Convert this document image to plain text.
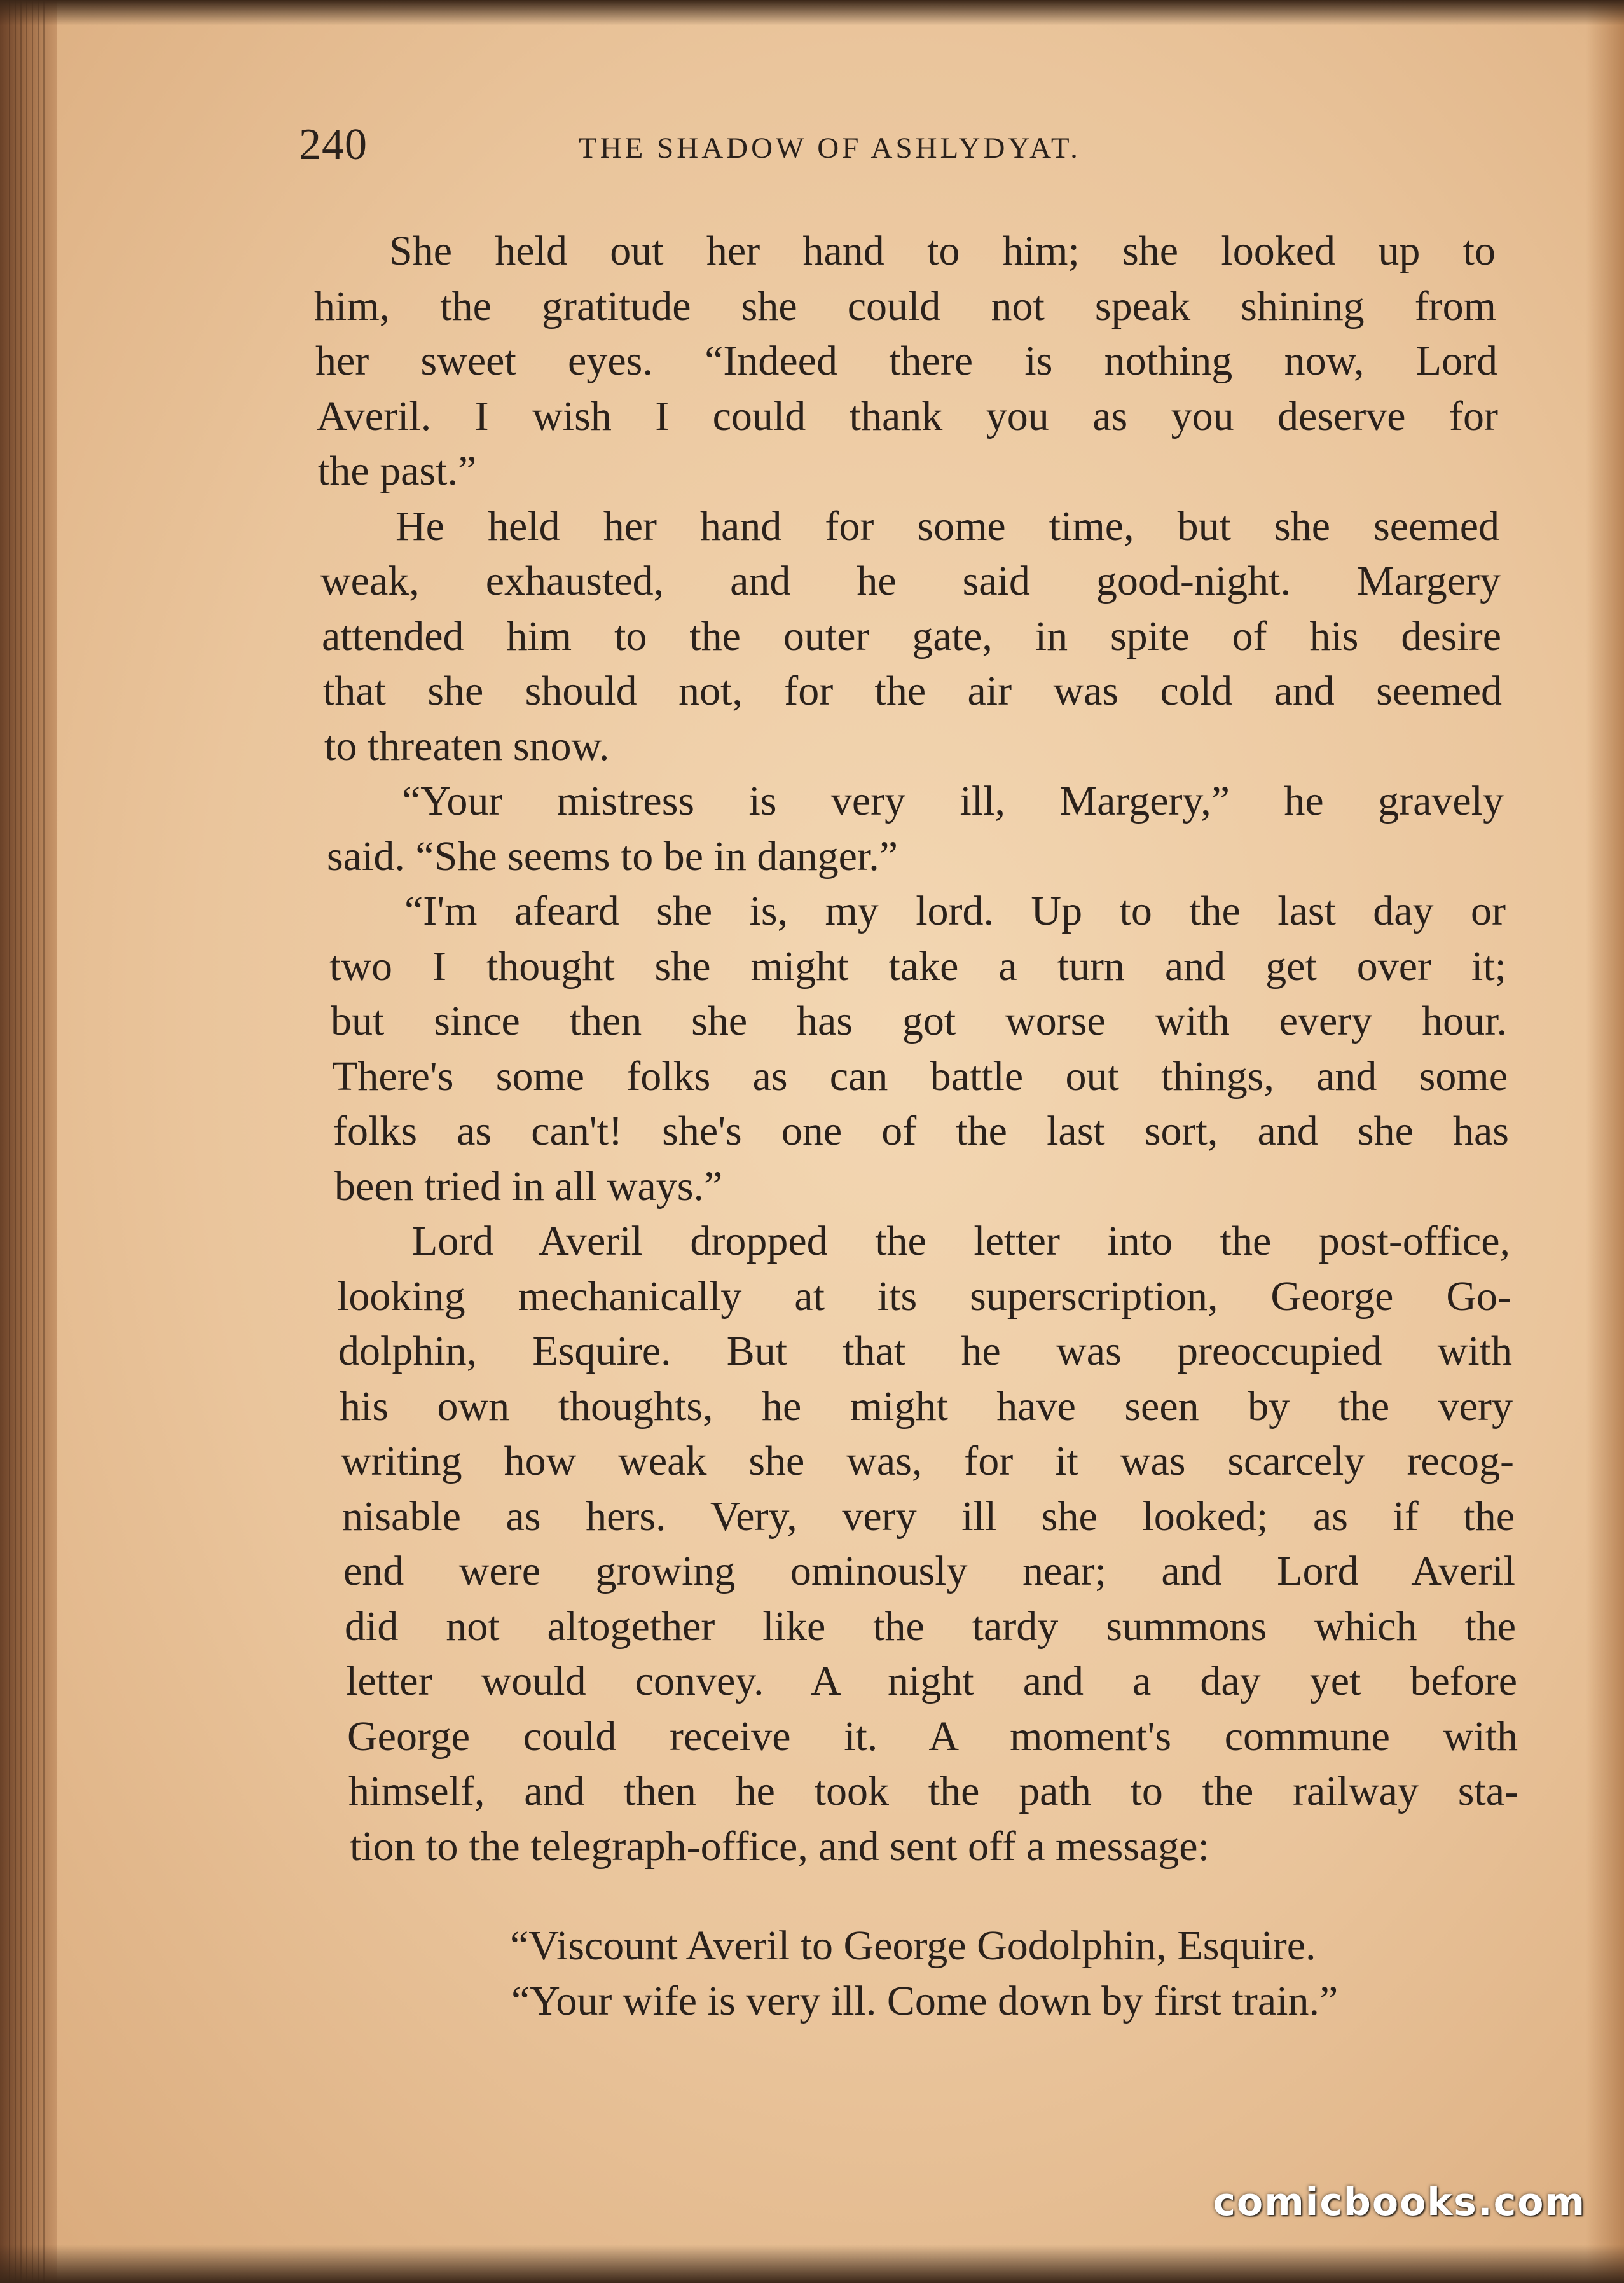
240	THE SHADOW OF ASHLYDYAT.
She held out her hand to him; she looked up to
him, the gratitude she could not speak shining from
her sweet eyes. “Indeed there is nothing now, Lord
Averil. I wish I could thank you as you deserve for
the past.”
He held her hand for some time, but she seemed
weak, exhausted, and he said good-night. Margery
attended him to the outer gate, in spite of his desire
that she should not, for the air was cold and seemed
to threaten snow.
“Your mistress is very ill, Margery,” he gravely
said. “She seems to be in danger.”
“I'm afeard she is, my lord. Up to the last day or
two I thought she might take a turn and get over it;
but since then she has got worse with every hour.
There's some folks as can battle out things, and some
folks as can't! she's one of the last sort, and she has
been tried in all ways.”
Lord Averil dropped the letter into the post-office,
looking mechanically at its superscription, George Go-
dolphin, Esquire. But that he was preoccupied with
his own thoughts, he might have seen by the very
writing how weak she was, for it was scarcely recog-
nisable as hers. Very, very ill she looked; as if the
end were growing ominously near; and Lord Averil
did not altogether like the tardy summons which the
letter would convey. A night and a day yet before
George could receive it. A moment's commune with
himself, and then he took the path to the railway sta-
tion to the telegraph-office, and sent off a message:
“Viscount Averil to George Godolphin, Esquire.
“Your wife is very ill. Come down by first train.”
comicbooks.com
